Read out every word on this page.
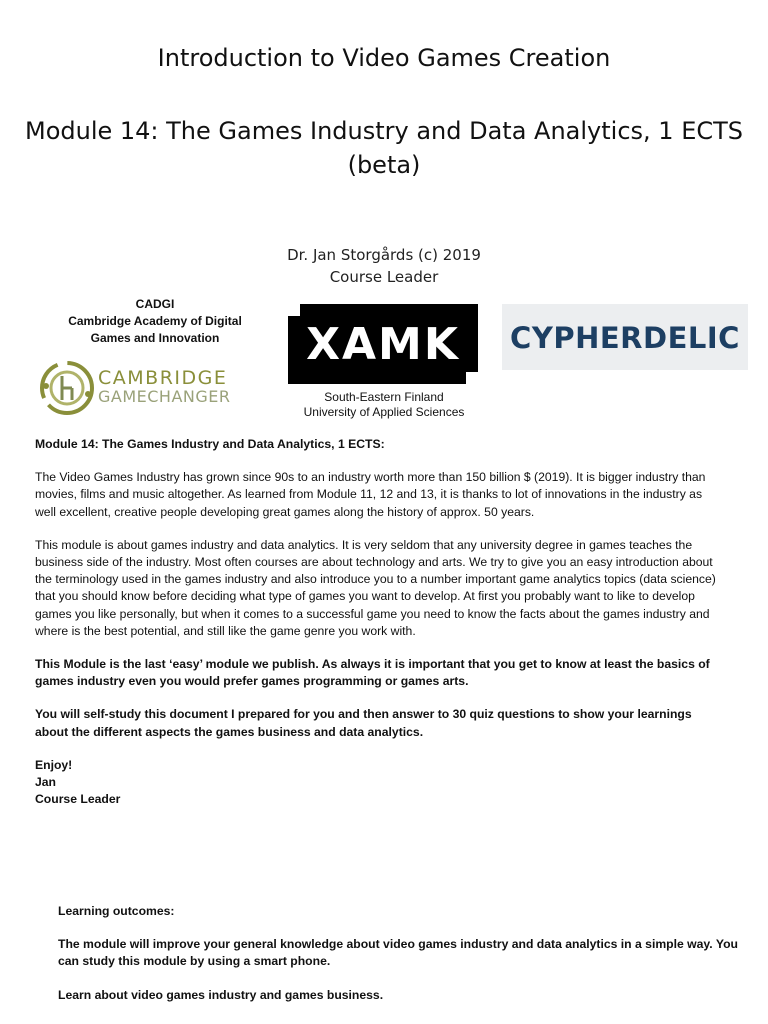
Introduction to Video Games Creation
Module 14: The Games Industry and Data Analytics, 1 ECTS
(beta)
Dr. Jan Storgårds (c) 2019
Course Leader
CADGI
Cambridge Academy of Digital
Games and Innovation
CAMBRIDGE
GAMECHANGER
XAMK
South-Eastern Finland
University of Applied Sciences
CYPHERDELIC

Module 14: The Games Industry and Data Analytics, 1 ECTS:

The Video Games Industry has grown since 90s to an industry worth more than 150 billion $ (2019). It is bigger industry than movies, films and music altogether. As learned from Module 11, 12 and 13, it is thanks to lot of innovations in the industry as well excellent, creative people developing great games along the history of approx. 50 years.

This module is about games industry and data analytics. It is very seldom that any university degree in games teaches the business side of the industry. Most often courses are about technology and arts. We try to give you an easy introduction about the terminology used in the games industry and also introduce you to a number important game analytics topics (data science) that you should know before deciding what type of games you want to develop. At first you probably want to like to develop games you like personally, but when it comes to a successful game you need to know the facts about the games industry and where is the best potential, and still like the game genre you work with.

This Module is the last ‘easy’ module we publish. As always it is important that you get to know at least the basics of games industry even you would prefer games programming or games arts.

You will self-study this document I prepared for you and then answer to 30 quiz questions to show your learnings about the different aspects the games business and data analytics.

Enjoy!
Jan
Course Leader

Learning outcomes:

The module will improve your general knowledge about video games industry and data analytics in a simple way. You can study this module by using a smart phone.

Learn about video games industry and games business.
